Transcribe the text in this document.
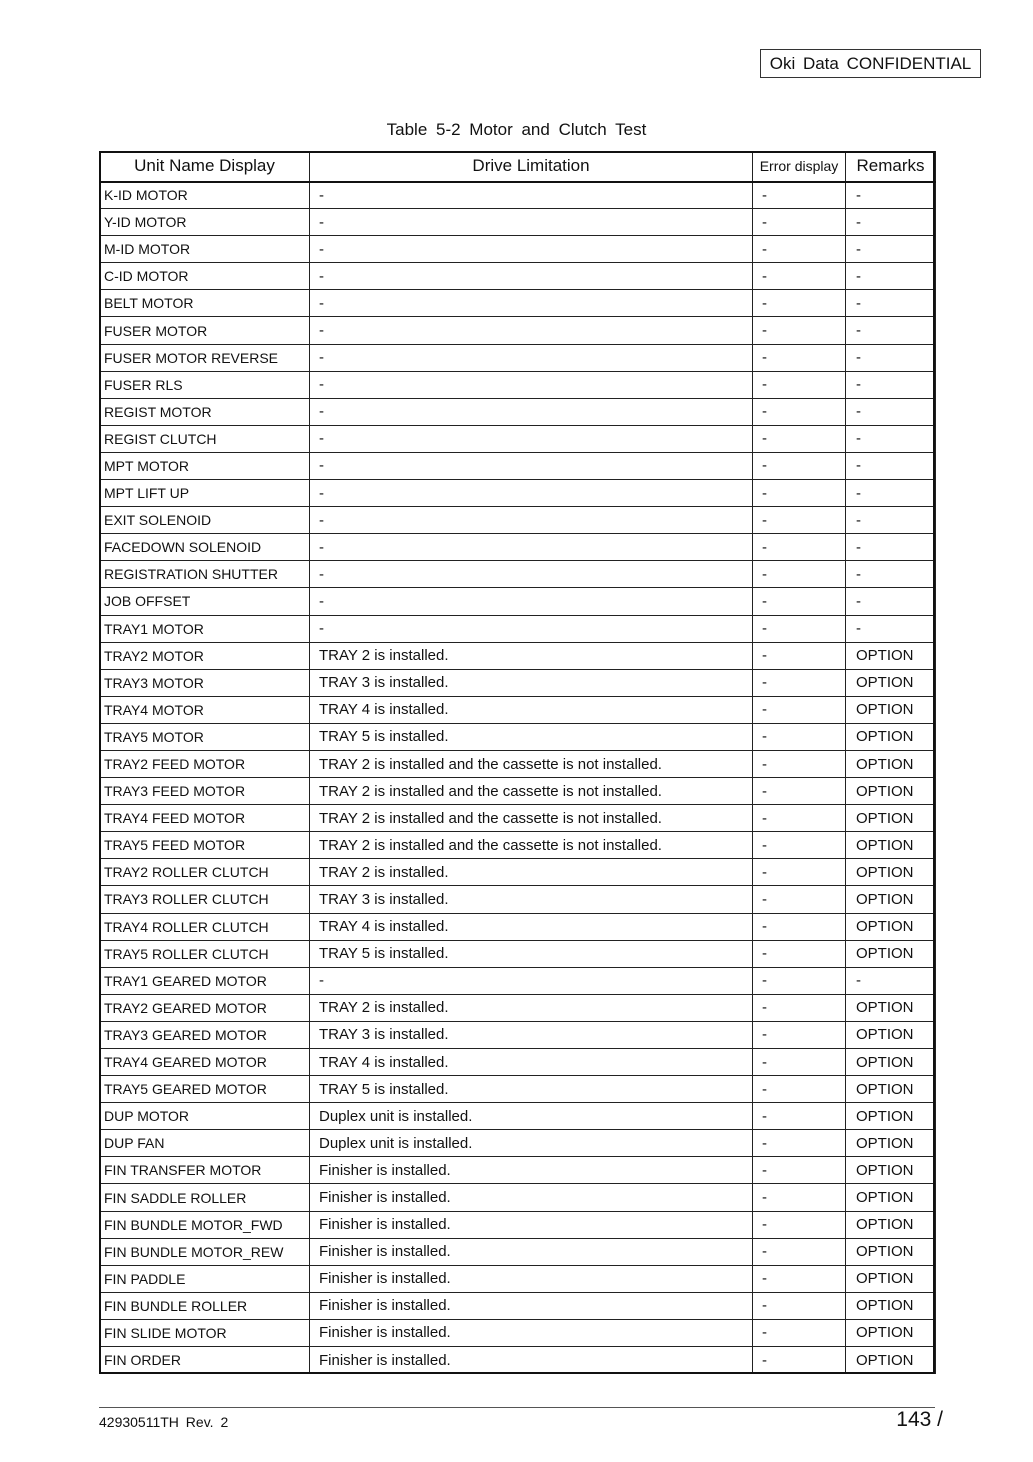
Oki Data CONFIDENTIAL
Table 5-2 Motor and Clutch Test
Unit Name Display	Drive Limitation	Error display	Remarks
K-ID MOTOR	-	-	-
Y-ID MOTOR	-	-	-
M-ID MOTOR	-	-	-
C-ID MOTOR	-	-	-
BELT MOTOR	-	-	-
FUSER MOTOR	-	-	-
FUSER MOTOR REVERSE	-	-	-
FUSER RLS	-	-	-
REGIST MOTOR	-	-	-
REGIST CLUTCH	-	-	-
MPT MOTOR	-	-	-
MPT LIFT UP	-	-	-
EXIT SOLENOID	-	-	-
FACEDOWN SOLENOID	-	-	-
REGISTRATION SHUTTER	-	-	-
JOB OFFSET	-	-	-
TRAY1 MOTOR	-	-	-
TRAY2 MOTOR	TRAY 2 is installed.	-	OPTION
TRAY3 MOTOR	TRAY 3 is installed.	-	OPTION
TRAY4 MOTOR	TRAY 4 is installed.	-	OPTION
TRAY5 MOTOR	TRAY 5 is installed.	-	OPTION
TRAY2 FEED MOTOR	TRAY 2 is installed and the cassette is not installed.	-	OPTION
TRAY3 FEED MOTOR	TRAY 2 is installed and the cassette is not installed.	-	OPTION
TRAY4 FEED MOTOR	TRAY 2 is installed and the cassette is not installed.	-	OPTION
TRAY5 FEED MOTOR	TRAY 2 is installed and the cassette is not installed.	-	OPTION
TRAY2 ROLLER CLUTCH	TRAY 2 is installed.	-	OPTION
TRAY3 ROLLER CLUTCH	TRAY 3 is installed.	-	OPTION
TRAY4 ROLLER CLUTCH	TRAY 4 is installed.	-	OPTION
TRAY5 ROLLER CLUTCH	TRAY 5 is installed.	-	OPTION
TRAY1 GEARED MOTOR	-	-	-
TRAY2 GEARED MOTOR	TRAY 2 is installed.	-	OPTION
TRAY3 GEARED MOTOR	TRAY 3 is installed.	-	OPTION
TRAY4 GEARED MOTOR	TRAY 4 is installed.	-	OPTION
TRAY5 GEARED MOTOR	TRAY 5 is installed.	-	OPTION
DUP MOTOR	Duplex unit is installed.	-	OPTION
DUP FAN	Duplex unit is installed.	-	OPTION
FIN TRANSFER MOTOR	Finisher is installed.	-	OPTION
FIN SADDLE ROLLER	Finisher is installed.	-	OPTION
FIN BUNDLE MOTOR_FWD	Finisher is installed.	-	OPTION
FIN BUNDLE MOTOR_REW	Finisher is installed.	-	OPTION
FIN PADDLE	Finisher is installed.	-	OPTION
FIN BUNDLE ROLLER	Finisher is installed.	-	OPTION
FIN SLIDE MOTOR	Finisher is installed.	-	OPTION
FIN ORDER	Finisher is installed.	-	OPTION
42930511TH Rev. 2	143 /
